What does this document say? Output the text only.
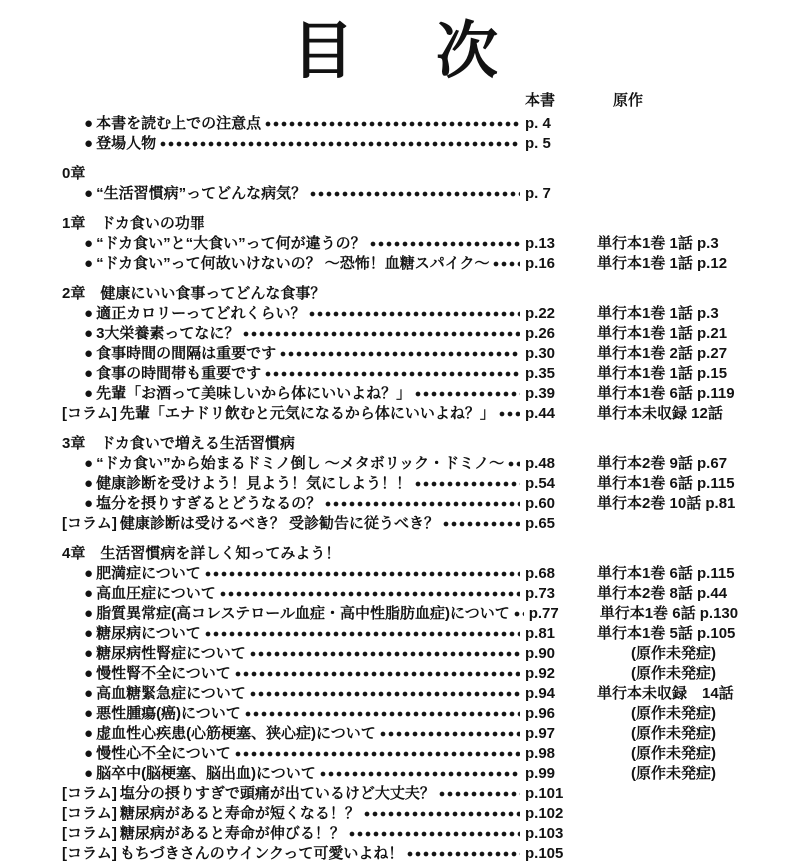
目　次
本書	原作
● 本書を読む上での注意点	p. 4
● 登場人物	p. 5
0章
● “生活習慣病”ってどんな病気？	p. 7
1章　ドカ食いの功罪
● “ドカ食い”と“大食い”って何が違うの？	p.13	単行本1巻 1話 p.3
● “ドカ食い”って何故いけないの？ ～恐怖！血糖スパイク～ p.16	単行本1巻 1話 p.12
2章　健康にいい食事ってどんな食事？
● 適正カロリーってどれくらい？	p.22	単行本1巻 1話 p.3
● 3大栄養素ってなに？	p.26	単行本1巻 1話 p.21
● 食事時間の間隔は重要です	p.30	単行本1巻 2話 p.27
● 食事の時間帯も重要です	p.35	単行本1巻 1話 p.15
● 先輩「お酒って美味しいから体にいいよね？」	p.39	単行本1巻 6話 p.119
[コラム] 先輩「エナドリ飲むと元気になるから体にいいよね？」 p.44	単行本未収録 12話
3章　ドカ食いで増える生活習慣病
● “ドカ食い”から始まるドミノ倒し ～メタボリック・ドミノ～ p.48	単行本2巻 9話 p.67
● 健康診断を受けよう！見よう！気にしよう！！	p.54	単行本1巻 6話 p.115
● 塩分を摂りすぎるとどうなるの？	p.60	単行本2巻 10話 p.81
[コラム] 健康診断は受けるべき？ 受診勧告に従うべき？	p.65
4章　生活習慣病を詳しく知ってみよう！
● 肥満症について	p.68	単行本1巻 6話 p.115
● 高血圧症について	p.73	単行本2巻 8話 p.44
● 脂質異常症(高コレステロール血症・高中性脂肪血症)について p.77	単行本1巻 6話 p.130
● 糖尿病について	p.81	単行本1巻 5話 p.105
● 糖尿病性腎症について	p.90	(原作未発症)
● 慢性腎不全について	p.92	(原作未発症)
● 高血糖緊急症について	p.94	単行本未収録　14話
● 悪性腫瘍(癌)について	p.96	(原作未発症)
● 虚血性心疾患(心筋梗塞、狭心症)について	p.97	(原作未発症)
● 慢性心不全について	p.98	(原作未発症)
● 脳卒中(脳梗塞、脳出血)について	p.99	(原作未発症)
[コラム] 塩分の摂りすぎで頭痛が出ているけど大丈夫？	p.101
[コラム] 糖尿病があると寿命が短くなる！？	p.102
[コラム] 糖尿病があると寿命が伸びる！？	p.103
[コラム] もちづきさんのウインクって可愛いよね！	p.105
